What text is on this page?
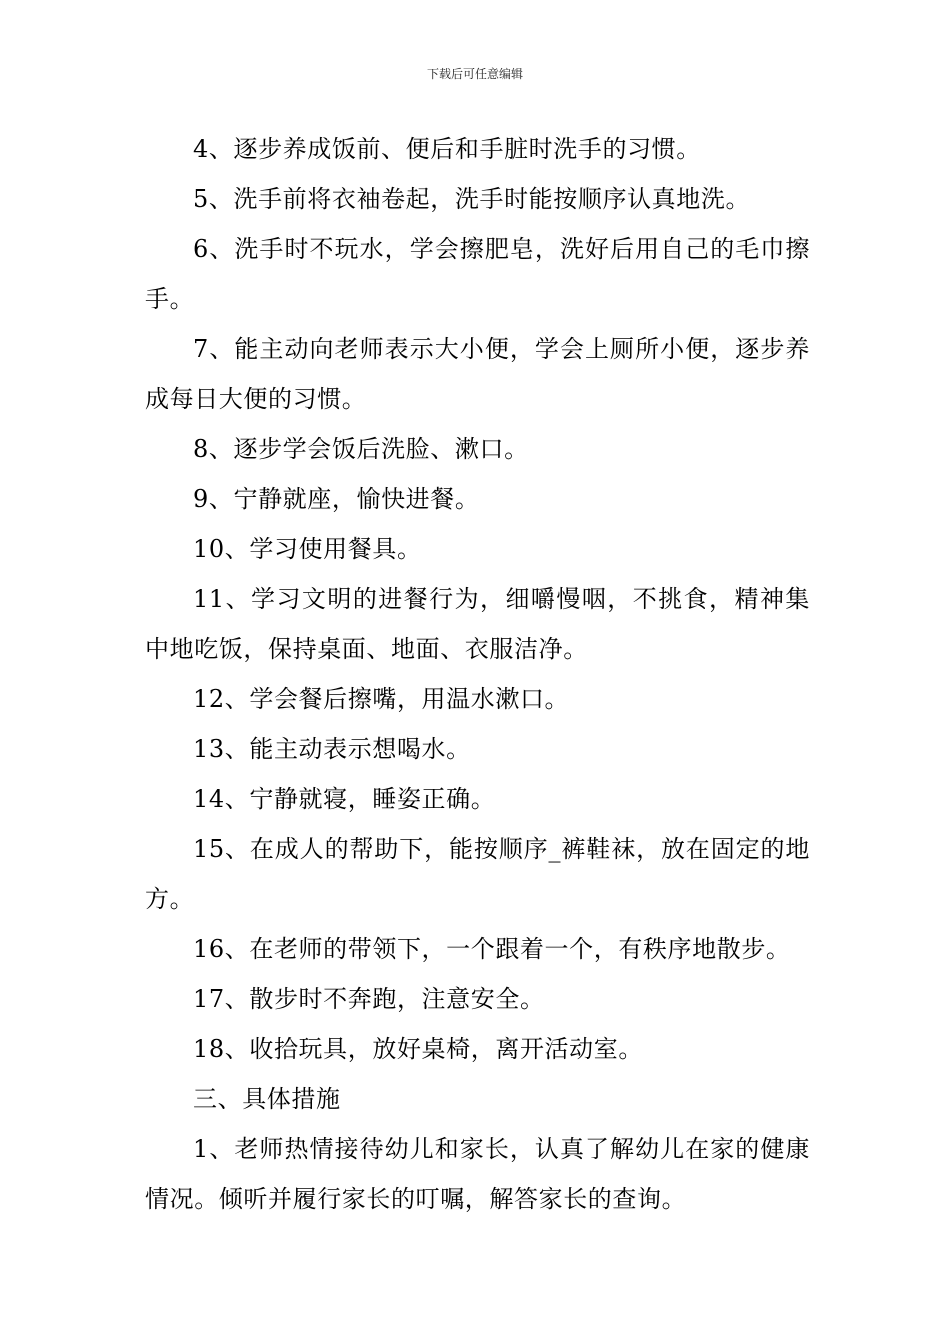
下载后可任意编辑

4、逐步养成饭前、便后和手脏时洗手的习惯。

5、洗手前将衣袖卷起，洗手时能按顺序认真地洗。

6、洗手时不玩水，学会擦肥皂，洗好后用自己的毛巾擦手。

7、能主动向老师表示大小便，学会上厕所小便，逐步养成每日大便的习惯。

8、逐步学会饭后洗脸、漱口。

9、宁静就座，愉快进餐。

10、学习使用餐具。

11、学习文明的进餐行为，细嚼慢咽，不挑食，精神集中地吃饭，保持桌面、地面、衣服洁净。

12、学会餐后擦嘴，用温水漱口。

13、能主动表示想喝水。

14、宁静就寝，睡姿正确。

15、在成人的帮助下，能按顺序_裤鞋袜，放在固定的地方。

16、在老师的带领下，一个跟着一个，有秩序地散步。

17、散步时不奔跑，注意安全。

18、收拾玩具，放好桌椅，离开活动室。

三、具体措施

1、老师热情接待幼儿和家长，认真了解幼儿在家的健康情况。倾听并履行家长的叮嘱，解答家长的查询。
